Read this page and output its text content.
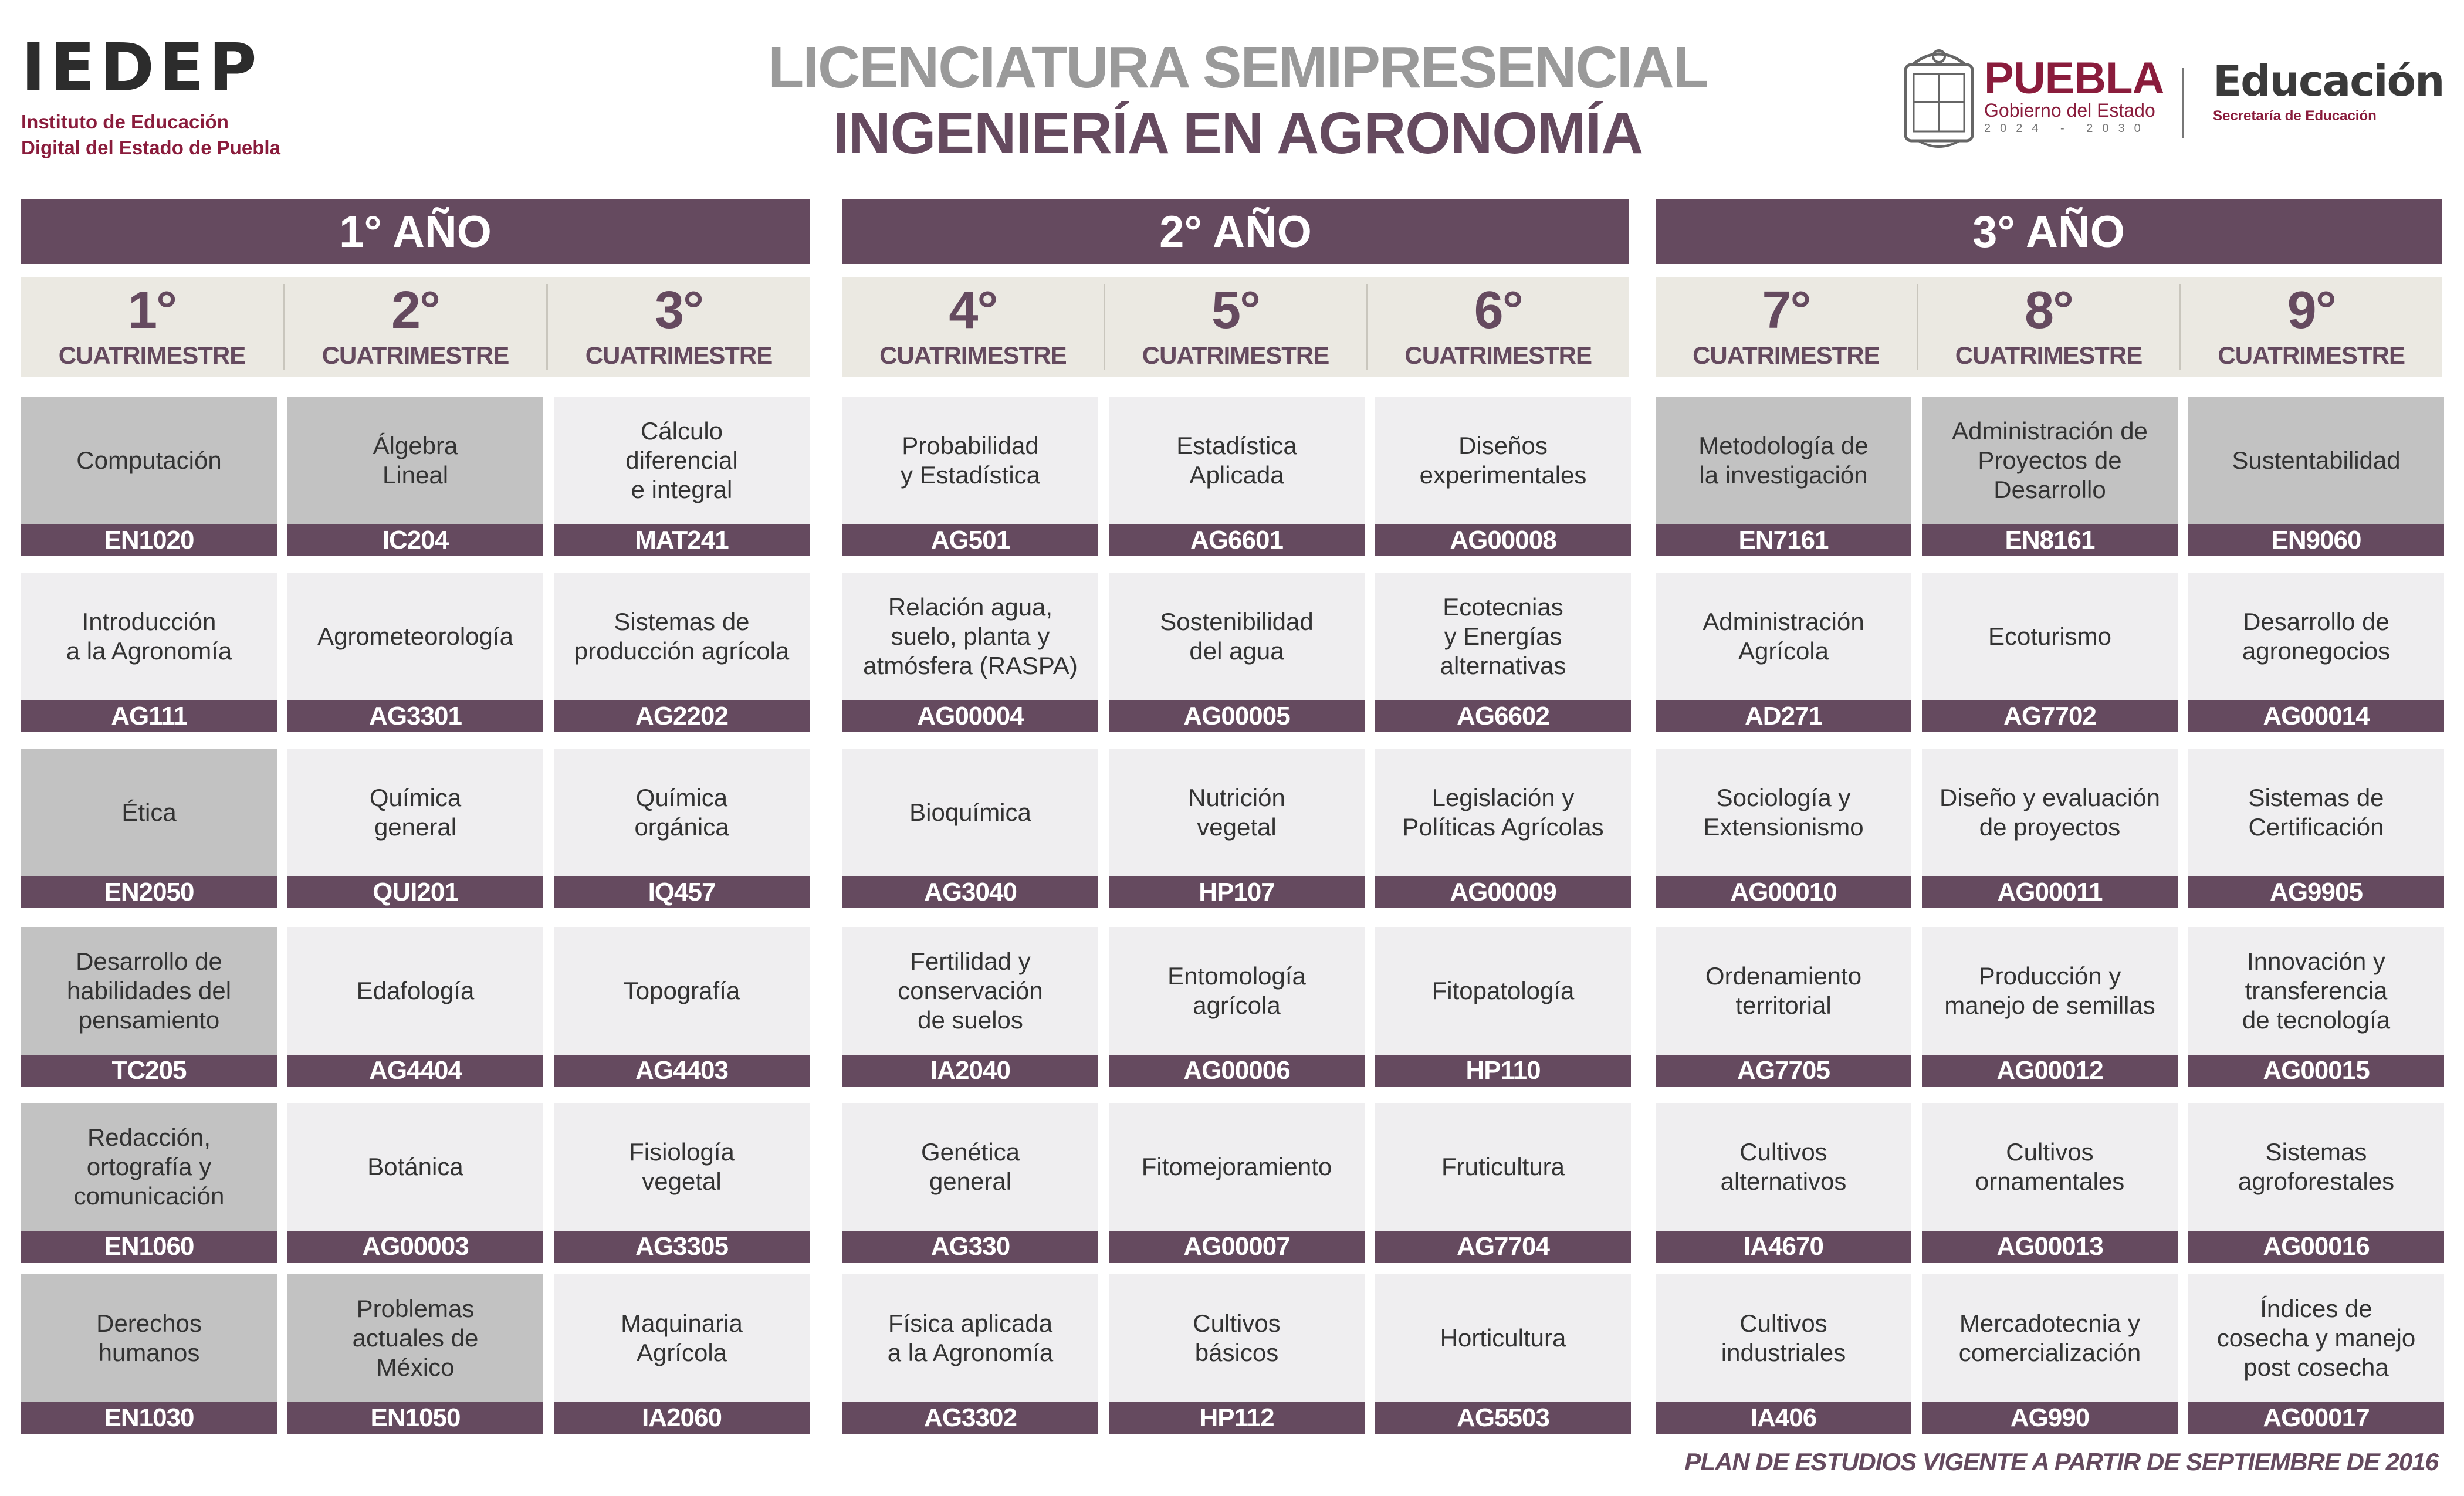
IEDEP
Instituto de Educación
Digital del Estado de Puebla
LICENCIATURA SEMIPRESENCIAL
INGENIERÍA EN AGRONOMÍA
PUEBLA
Gobierno del Estado
2024 - 2030
Educación
Secretaría de Educación
1° AÑO	2° AÑO	3° AÑO
1°
CUATRIMESTRE
2°
CUATRIMESTRE
3°
CUATRIMESTRE
4°
CUATRIMESTRE
5°
CUATRIMESTRE
6°
CUATRIMESTRE
7°
CUATRIMESTRE
8°
CUATRIMESTRE
9°
CUATRIMESTRE
Computación
EN1020
Introducción
a la Agronomía
AG111
Ética
EN2050
Desarrollo de
habilidades del
pensamiento
TC205
Redacción,
ortografía y
comunicación
EN1060
Derechos
humanos
EN1030
Álgebra
Lineal
IC204
Agrometeorología
AG3301
Química
general
QUI201
Edafología
AG4404
Botánica
AG00003
Problemas
actuales de
México
EN1050
Cálculo
diferencial
e integral
MAT241
Sistemas de
producción agrícola
AG2202
Química
orgánica
IQ457
Topografía
AG4403
Fisiología
vegetal
AG3305
Maquinaria
Agrícola
IA2060
Probabilidad
y Estadística
AG501
Relación agua,
suelo, planta y
atmósfera (RASPA)
AG00004
Bioquímica
AG3040
Fertilidad y
conservación
de suelos
IA2040
Genética
general
AG330
Física aplicada
a la Agronomía
AG3302
Estadística
Aplicada
AG6601
Sostenibilidad
del agua
AG00005
Nutrición
vegetal
HP107
Entomología
agrícola
AG00006
Fitomejoramiento
AG00007
Cultivos
básicos
HP112
Diseños
experimentales
AG00008
Ecotecnias
y Energías
alternativas
AG6602
Legislación y
Políticas Agrícolas
AG00009
Fitopatología
HP110
Fruticultura
AG7704
Horticultura
AG5503
Metodología de
la investigación
EN7161
Administración
Agrícola
AD271
Sociología y
Extensionismo
AG00010
Ordenamiento
territorial
AG7705
Cultivos
alternativos
IA4670
Cultivos
industriales
IA406
Administración de
Proyectos de
Desarrollo
EN8161
Ecoturismo
AG7702
Diseño y evaluación
de proyectos
AG00011
Producción y
manejo de semillas
AG00012
Cultivos
ornamentales
AG00013
Mercadotecnia y
comercialización
AG990
Sustentabilidad
EN9060
Desarrollo de
agronegocios
AG00014
Sistemas de
Certificación
AG9905
Innovación y
transferencia
de tecnología
AG00015
Sistemas
agroforestales
AG00016
Índices de
cosecha y manejo
post cosecha
AG00017
PLAN DE ESTUDIOS VIGENTE A PARTIR DE SEPTIEMBRE DE 2016
